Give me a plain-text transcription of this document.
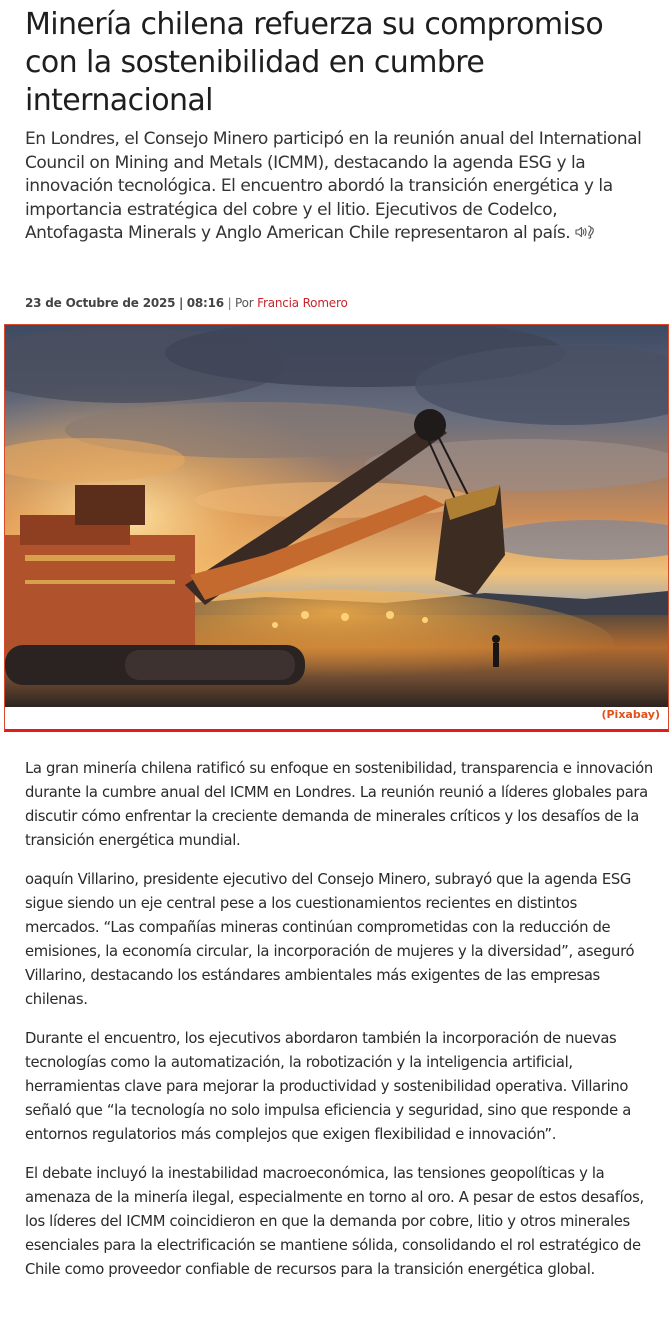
Minería chilena refuerza su compromiso con la sostenibilidad en cumbre internacional

En Londres, el Consejo Minero participó en la reunión anual del International Council on Mining and Metals (ICMM), destacando la agenda ESG y la innovación tecnológica. El encuentro abordó la transición energética y la importancia estratégica del cobre y el litio. Ejecutivos de Codelco, Antofagasta Minerals y Anglo American Chile representaron al país.

23 de Octubre de 2025 | 08:16 | Por Francia Romero
(Pixabay)

La gran minería chilena ratificó su enfoque en sostenibilidad, transparencia e innovación durante la cumbre anual del ICMM en Londres. La reunión reunió a líderes globales para discutir cómo enfrentar la creciente demanda de minerales críticos y los desafíos de la transición energética mundial.

oaquín Villarino, presidente ejecutivo del Consejo Minero, subrayó que la agenda ESG sigue siendo un eje central pese a los cuestionamientos recientes en distintos mercados. “Las compañías mineras continúan comprometidas con la reducción de emisiones, la economía circular, la incorporación de mujeres y la diversidad”, aseguró Villarino, destacando los estándares ambientales más exigentes de las empresas chilenas.

Durante el encuentro, los ejecutivos abordaron también la incorporación de nuevas tecnologías como la automatización, la robotización y la inteligencia artificial, herramientas clave para mejorar la productividad y sostenibilidad operativa. Villarino señaló que “la tecnología no solo impulsa eficiencia y seguridad, sino que responde a entornos regulatorios más complejos que exigen flexibilidad e innovación”.

El debate incluyó la inestabilidad macroeconómica, las tensiones geopolíticas y la amenaza de la minería ilegal, especialmente en torno al oro. A pesar de estos desafíos, los líderes del ICMM coincidieron en que la demanda por cobre, litio y otros minerales esenciales para la electrificación se mantiene sólida, consolidando el rol estratégico de Chile como proveedor confiable de recursos para la transición energética global.
